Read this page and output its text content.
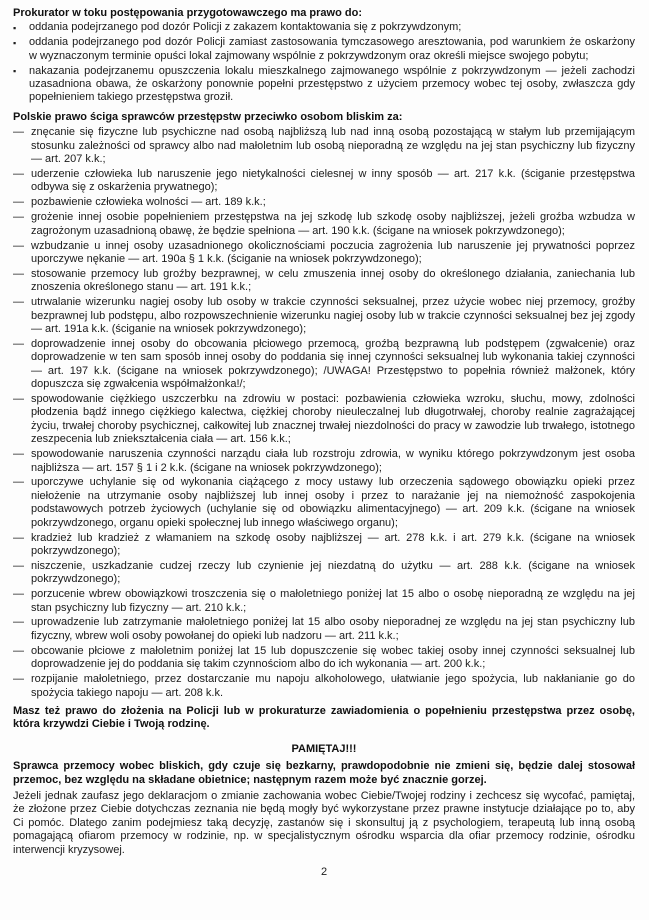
Prokurator w toku postępowania przygotowawczego ma prawo do:

▪ oddania podejrzanego pod dozór Policji z zakazem kontaktowania się z pokrzywdzonym;
▪ oddania podejrzanego pod dozór Policji zamiast zastosowania tymczasowego aresztowania, pod warunkiem że oskarżony w wyznaczonym terminie opuści lokal zajmowany wspólnie z pokrzywdzonym oraz określi miejsce swojego pobytu;
▪ nakazania podejrzanemu opuszczenia lokalu mieszkalnego zajmowanego wspólnie z pokrzywdzonym — jeżeli zachodzi uzasadniona obawa, że oskarżony ponownie popełni przestępstwo z użyciem przemocy wobec tej osoby, zwłaszcza gdy popełnieniem takiego przestępstwa groził.

Polskie prawo ściga sprawców przestępstw przeciwko osobom bliskim za:

— znęcanie się fizyczne lub psychiczne nad osobą najbliższą lub nad inną osobą pozostającą w stałym lub przemijającym stosunku zależności od sprawcy albo nad małoletnim lub osobą nieporadną ze względu na jej stan psychiczny lub fizyczny — art. 207 k.k.;
— uderzenie człowieka lub naruszenie jego nietykalności cielesnej w inny sposób — art. 217 k.k. (ściganie przestępstwa odbywa się z oskarżenia prywatnego);
— pozbawienie człowieka wolności — art. 189 k.k.;
— grożenie innej osobie popełnieniem przestępstwa na jej szkodę lub szkodę osoby najbliższej, jeżeli groźba wzbudza w zagrożonym uzasadnioną obawę, że będzie spełniona — art. 190 k.k. (ścigane na wniosek pokrzywdzonego);
— wzbudzanie u innej osoby uzasadnionego okolicznościami poczucia zagrożenia lub naruszenie jej prywatności poprzez uporczywe nękanie — art. 190a § 1 k.k. (ściganie na wniosek pokrzywdzonego);
— stosowanie przemocy lub groźby bezprawnej, w celu zmuszenia innej osoby do określonego działania, zaniechania lub znoszenia określonego stanu — art. 191 k.k.;
— utrwalanie wizerunku nagiej osoby lub osoby w trakcie czynności seksualnej, przez użycie wobec niej przemocy, groźby bezprawnej lub podstępu, albo rozpowszechnienie wizerunku nagiej osoby lub w trakcie czynności seksualnej bez jej zgody — art. 191a k.k. (ściganie na wniosek pokrzywdzonego);
— doprowadzenie innej osoby do obcowania płciowego przemocą, groźbą bezprawną lub podstępem (zgwałcenie) oraz doprowadzenie w ten sam sposób innej osoby do poddania się innej czynności seksualnej lub wykonania takiej czynności — art. 197 k.k. (ścigane na wniosek pokrzywdzonego); /UWAGA! Przestępstwo to popełnia również małżonek, który dopuszcza się zgwałcenia współmałżonka!/;
— spowodowanie ciężkiego uszczerbku na zdrowiu w postaci: pozbawienia człowieka wzroku, słuchu, mowy, zdolności płodzenia bądź innego ciężkiego kalectwa, ciężkiej choroby nieuleczalnej lub długotrwałej, choroby realnie zagrażającej życiu, trwałej choroby psychicznej, całkowitej lub znacznej trwałej niezdolności do pracy w zawodzie lub trwałego, istotnego zeszpecenia lub zniekształcenia ciała — art. 156 k.k.;
— spowodowanie naruszenia czynności narządu ciała lub rozstroju zdrowia, w wyniku którego pokrzywdzonym jest osoba najbliższa — art. 157 § 1 i 2 k.k. (ścigane na wniosek pokrzywdzonego);
— uporczywe uchylanie się od wykonania ciążącego z mocy ustawy lub orzeczenia sądowego obowiązku opieki przez niełożenie na utrzymanie osoby najbliższej lub innej osoby i przez to narażanie jej na niemożność zaspokojenia podstawowych potrzeb życiowych (uchylanie się od obowiązku alimentacyjnego) — art. 209 k.k. (ścigane na wniosek pokrzywdzonego, organu opieki społecznej lub innego właściwego organu);
— kradzież lub kradzież z włamaniem na szkodę osoby najbliższej — art. 278 k.k. i art. 279 k.k. (ścigane na wniosek pokrzywdzonego);
— niszczenie, uszkadzanie cudzej rzeczy lub czynienie jej niezdatną do użytku — art. 288 k.k. (ścigane na wniosek pokrzywdzonego);
— porzucenie wbrew obowiązkowi troszczenia się o małoletniego poniżej lat 15 albo o osobę nieporadną ze względu na jej stan psychiczny lub fizyczny — art. 210 k.k.;
— uprowadzenie lub zatrzymanie małoletniego poniżej lat 15 albo osoby nieporadnej ze względu na jej stan psychiczny lub fizyczny, wbrew woli osoby powołanej do opieki lub nadzoru — art. 211 k.k.;
— obcowanie płciowe z małoletnim poniżej lat 15 lub dopuszczenie się wobec takiej osoby innej czynności seksualnej lub doprowadzenie jej do poddania się takim czynnościom albo do ich wykonania — art. 200 k.k.;
— rozpijanie małoletniego, przez dostarczanie mu napoju alkoholowego, ułatwianie jego spożycia, lub nakłanianie go do spożycia takiego napoju — art. 208 k.k.

Masz też prawo do złożenia na Policji lub w prokuraturze zawiadomienia o popełnieniu przestępstwa przez osobę, która krzywdzi Ciebie i Twoją rodzinę.

PAMIĘTAJ!!!

Sprawca przemocy wobec bliskich, gdy czuje się bezkarny, prawdopodobnie nie zmieni się, będzie dalej stosował przemoc, bez względu na składane obietnice; następnym razem może być znacznie gorzej.

Jeżeli jednak zaufasz jego deklaracjom o zmianie zachowania wobec Ciebie/Twojej rodziny i zechcesz się wycofać, pamiętaj, że złożone przez Ciebie dotychczas zeznania nie będą mogły być wykorzystane przez prawne instytucje działające po to, aby Ci pomóc. Dlatego zanim podejmiesz taką decyzję, zastanów się i skonsultuj ją z psychologiem, terapeutą lub inną osobą pomagającą ofiarom przemocy w rodzinie, np. w specjalistycznym ośrodku wsparcia dla ofiar przemocy rodzinie, ośrodku interwencji kryzysowej.

2
